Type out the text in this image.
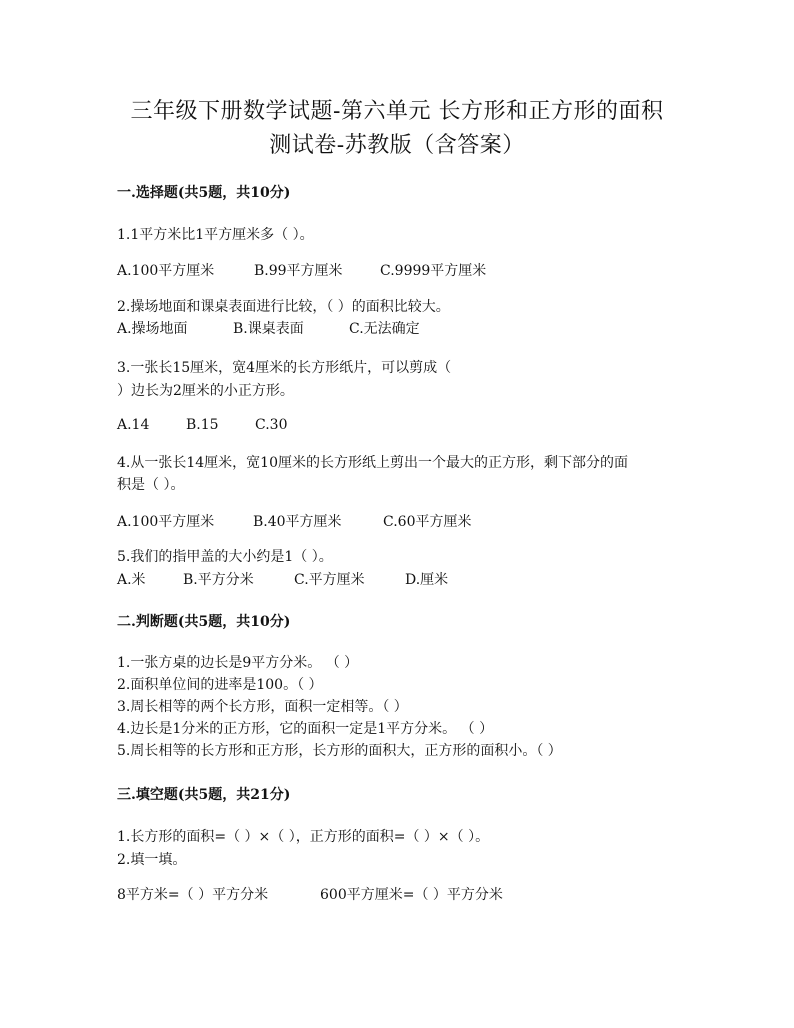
三年级下册数学试题-第六单元 长方形和正方形的面积
测试卷-苏教版（含答案）
一.选择题(共5题，共10分)
1.1平方米比1平方厘米多（ ）。
A.100平方厘米	B.99平方厘米	C.9999平方厘米
2.操场地面和课桌表面进行比较，（ ）的面积比较大。
A.操场地面	B.课桌表面	C.无法确定
3.一张长15厘米，宽4厘米的长方形纸片，可以剪成（
）边长为2厘米的小正方形。
A.14	B.15	C.30
4.从一张长14厘米，宽10厘米的长方形纸上剪出一个最大的正方形，剩下部分的面
积是（ ）。
A.100平方厘米	B.40平方厘米	C.60平方厘米
5.我们的指甲盖的大小约是1（ ）。
A.米	B.平方分米	C.平方厘米	D.厘米
二.判断题(共5题，共10分)
1.一张方桌的边长是9平方分米。 （ ）
2.面积单位间的进率是100。（ ）
3.周长相等的两个长方形，面积一定相等。（ ）
4.边长是1分米的正方形，它的面积一定是1平方分米。 （ ）
5.周长相等的长方形和正方形，长方形的面积大，正方形的面积小。（ ）
三.填空题(共5题，共21分)
1.长方形的面积=（ ）×（ ），正方形的面积=（ ）×（ ）。
2.填一填。
8平方米=（ ）平方分米	600平方厘米=（ ）平方分米
